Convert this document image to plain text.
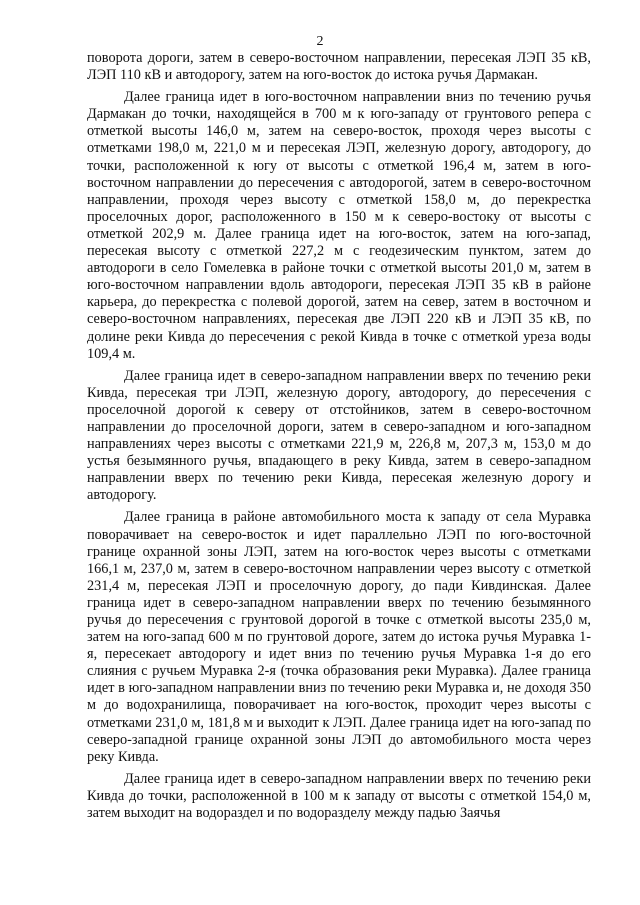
2

поворота дороги, затем в северо-восточном направлении, пересекая ЛЭП 35 кВ, ЛЭП 110 кВ и автодорогу, затем на юго-восток до истока ручья Дармакан.

Далее граница идет в юго-восточном направлении вниз по течению ручья Дармакан до точки, находящейся в 700 м к юго-западу от грунтового репера с отметкой высоты 146,0 м, затем на северо-восток, проходя через высоты с отметками 198,0 м, 221,0 м и пересекая ЛЭП, железную дорогу, автодорогу, до точки, расположенной к югу от высоты с отметкой 196,4 м, затем в юго-восточном направлении до пересечения с автодорогой, затем в северо-восточном направлении, проходя через высоту с отметкой 158,0 м, до перекрестка проселочных дорог, расположенного в 150 м к северо-востоку от высоты с отметкой 202,9 м. Далее граница идет на юго-восток, затем на юго-запад, пересекая высоту с отметкой 227,2 м с геодезическим пунктом, затем до автодороги в село Гомелевка в районе точки с отметкой высоты 201,0 м, затем в юго-восточном направлении вдоль автодороги, пересекая ЛЭП 35 кВ в районе карьера, до перекрестка с полевой дорогой, затем на север, затем в восточном и северо-восточном направлениях, пересекая две ЛЭП 220 кВ и ЛЭП 35 кВ, по долине реки Кивда до пересечения с рекой Кивда в точке с отметкой уреза воды 109,4 м.

Далее граница идет в северо-западном направлении вверх по течению реки Кивда, пересекая три ЛЭП, железную дорогу, автодорогу, до пересечения с проселочной дорогой к северу от отстойников, затем в северо-восточном направлении до проселочной дороги, затем в северо-западном и юго-западном направлениях через высоты с отметками 221,9 м, 226,8 м, 207,3 м, 153,0 м до устья безымянного ручья, впадающего в реку Кивда, затем в северо-западном направлении вверх по течению реки Кивда, пересекая железную дорогу и автодорогу.

Далее граница в районе автомобильного моста к западу от села Муравка поворачивает на северо-восток и идет параллельно ЛЭП по юго-восточной границе охранной зоны ЛЭП, затем на юго-восток через высоты с отметками 166,1 м, 237,0 м, затем в северо-восточном направлении через высоту с отметкой 231,4 м, пересекая ЛЭП и проселочную дорогу, до пади Кивдинская. Далее граница идет в северо-западном направлении вверх по течению безымянного ручья до пересечения с грунтовой дорогой в точке с отметкой высоты 235,0 м, затем на юго-запад 600 м по грунтовой дороге, затем до истока ручья Муравка 1-я, пересекает автодорогу и идет вниз по течению ручья Муравка 1-я до его слияния с ручьем Муравка 2-я (точка образования реки Муравка). Далее граница идет в юго-западном направлении вниз по течению реки Муравка и, не доходя 350 м до водохранилища, поворачивает на юго-восток, проходит через высоты с отметками 231,0 м, 181,8 м и выходит к ЛЭП. Далее граница идет на юго-запад по северо-западной границе охранной зоны ЛЭП до автомобильного моста через реку Кивда.

Далее граница идет в северо-западном направлении вверх по течению реки Кивда до точки, расположенной в 100 м к западу от высоты с отметкой 154,0 м, затем выходит на водораздел и по водоразделу между падью Заячья
